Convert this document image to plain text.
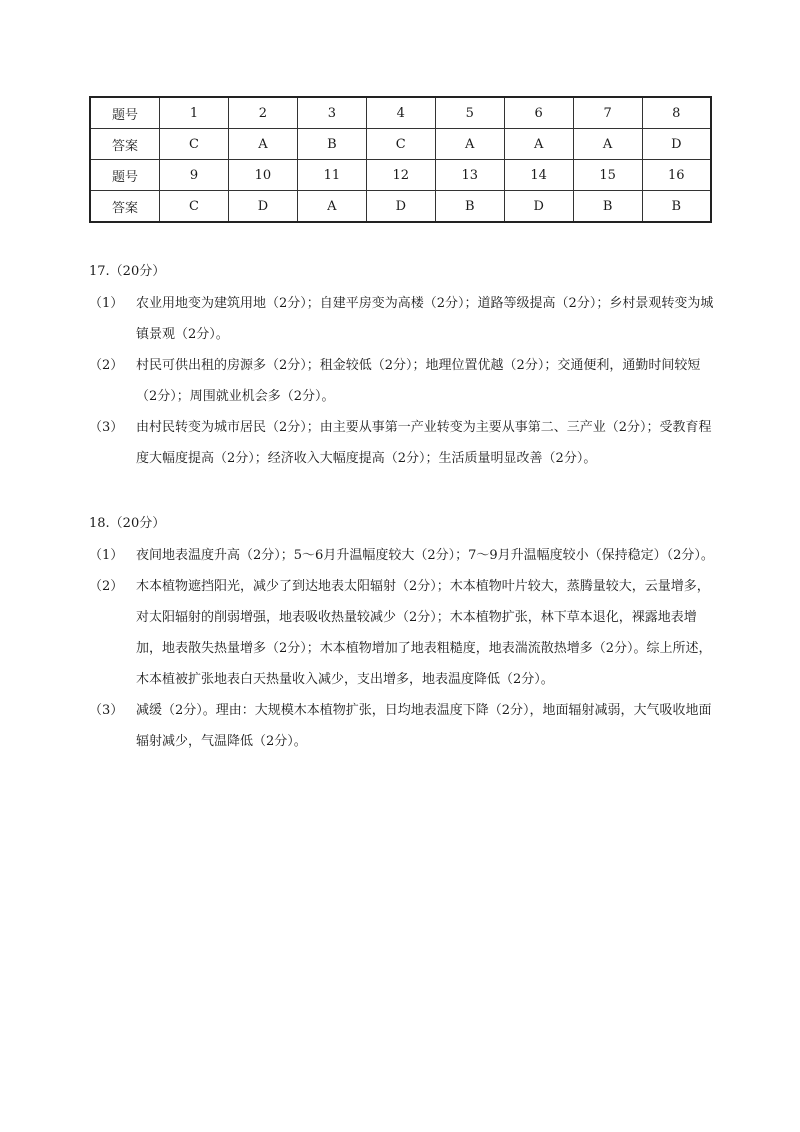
题号	1	2	3	4	5	6	7	8
答案	C	A	B	C	A	A	A	D
题号	9	10	11	12	13	14	15	16
答案	C	D	A	D	B	D	B	B
17.（20分）
（1） 农业用地变为建筑用地（2分）；自建平房变为高楼（2分）；道路等级提高（2分）；乡村景观转变为城镇景观（2分）。
（2） 村民可供出租的房源多（2分）；租金较低（2分）；地理位置优越（2分）；交通便利，通勤时间较短（2分）；周围就业机会多（2分）。
（3） 由村民转变为城市居民（2分）；由主要从事第一产业转变为主要从事第二、三产业（2分）；受教育程度大幅度提高（2分）；经济收入大幅度提高（2分）；生活质量明显改善（2分）。
18.（20分）
（1） 夜间地表温度升高（2分）；5～6月升温幅度较大（2分）；7～9月升温幅度较小（保持稳定）（2分）。
（2） 木本植物遮挡阳光，减少了到达地表太阳辐射（2分）；木本植物叶片较大，蒸腾量较大，云量增多，对太阳辐射的削弱增强，地表吸收热量较减少（2分）；木本植物扩张，林下草本退化，裸露地表增加，地表散失热量增多（2分）；木本植物增加了地表粗糙度，地表湍流散热增多（2分）。综上所述，木本植被扩张地表白天热量收入减少，支出增多，地表温度降低（2分）。
（3） 减缓（2分）。理由：大规模木本植物扩张，日均地表温度下降（2分），地面辐射减弱，大气吸收地面辐射减少，气温降低（2分）。
